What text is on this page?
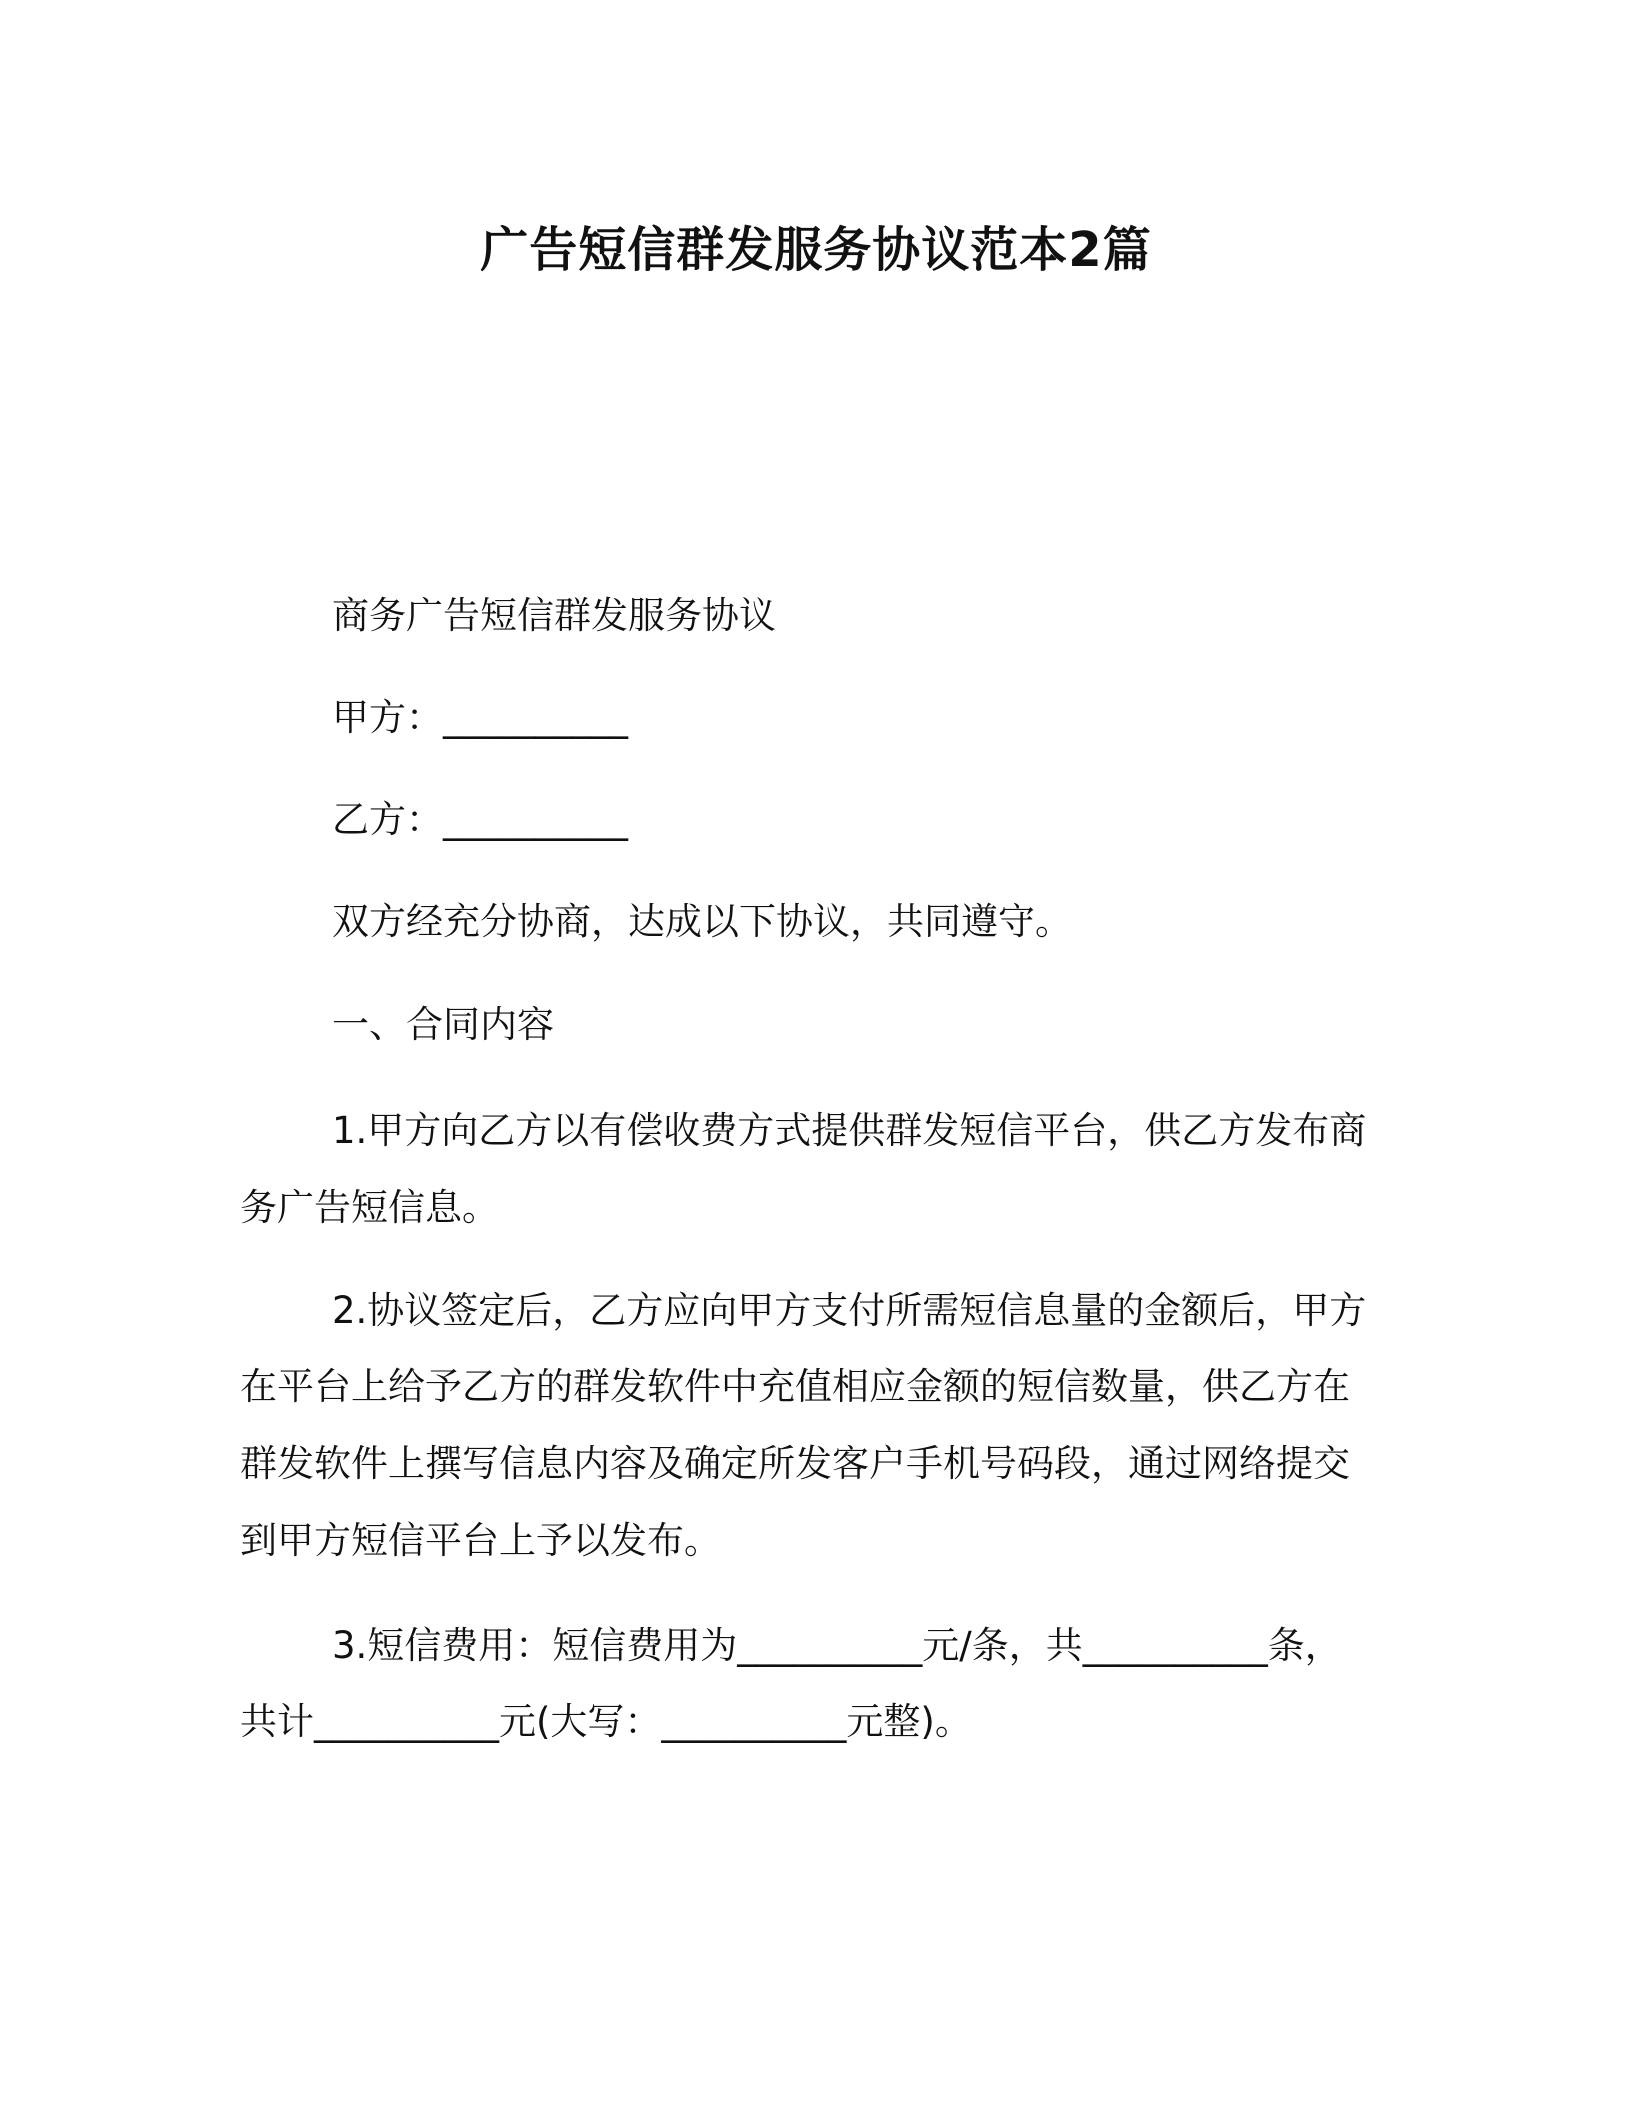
广告短信群发服务协议范本2篇

商务广告短信群发服务协议

甲方：__________

乙方：__________

双方经充分协商，达成以下协议，共同遵守。

一、合同内容

1.甲方向乙方以有偿收费方式提供群发短信平台，供乙方发布商

务广告短信息。

2.协议签定后，乙方应向甲方支付所需短信息量的金额后，甲方

在平台上给予乙方的群发软件中充值相应金额的短信数量，供乙方在

群发软件上撰写信息内容及确定所发客户手机号码段，通过网络提交

到甲方短信平台上予以发布。

3.短信费用：短信费用为__________元/条，共__________条，

共计__________元(大写：__________元整)。
